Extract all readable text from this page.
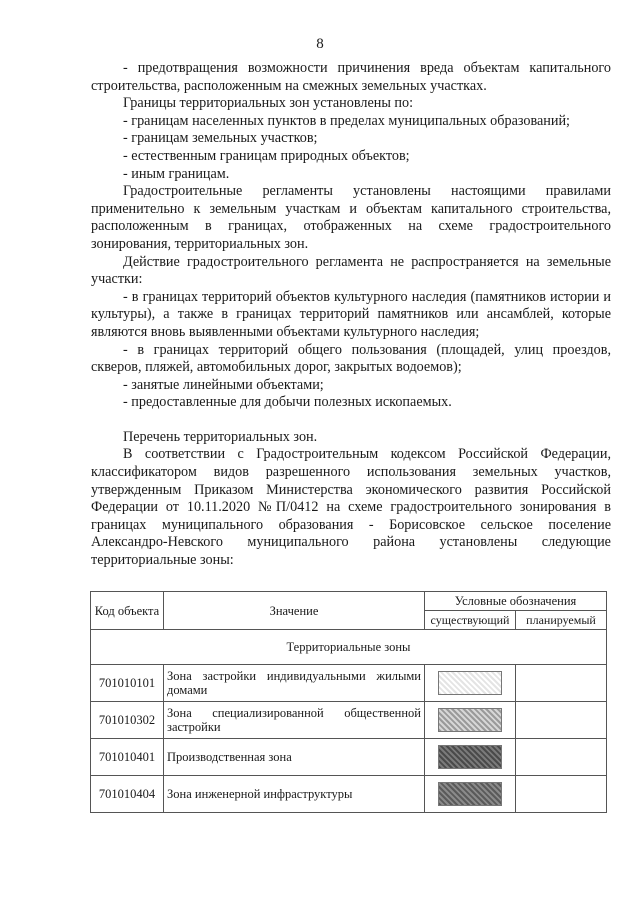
8

- предотвращения возможности причинения вреда объектам капитального строительства, расположенным на смежных земельных участках.

Границы территориальных зон установлены по:

- границам населенных пунктов в пределах муниципальных образований;

- границам земельных участков;

- естественным границам природных объектов;

- иным границам.

Градостроительные регламенты установлены настоящими правилами применительно к земельным участкам и объектам капитального строительства, расположенным в границах, отображенных на схеме градостроительного зонирования, территориальных зон.

Действие градостроительного регламента не распространяется на земельные участки:

- в границах территорий объектов культурного наследия (памятников истории и культуры), а также в границах территорий памятников или ансамблей, которые являются вновь выявленными объектами культурного наследия;

- в границах территорий общего пользования (площадей, улиц проездов, скверов, пляжей, автомобильных дорог, закрытых водоемов);

- занятые линейными объектами;

- предоставленные для добычи полезных ископаемых.

Перечень территориальных зон.

В соответствии с Градостроительным кодексом Российской Федерации, классификатором видов разрешенного использования земельных участков, утвержденным Приказом Министерства экономического развития Российской Федерации от 10.11.2020 №П/0412 на схеме градостроительного зонирования в границах муниципального образования - Борисовское сельское поселение Александро-Невского муниципального района установлены следующие территориальные зоны:

Код объекта	Значение	Условные обозначения	
		существующий	планируемый
Территориальные зоны			
701010101	Зона застройки индивидуальными жилыми домами		
701010302	Зона специализированной общественной застройки		
701010401	Производственная зона		
701010404	Зона инженерной инфраструктуры		
